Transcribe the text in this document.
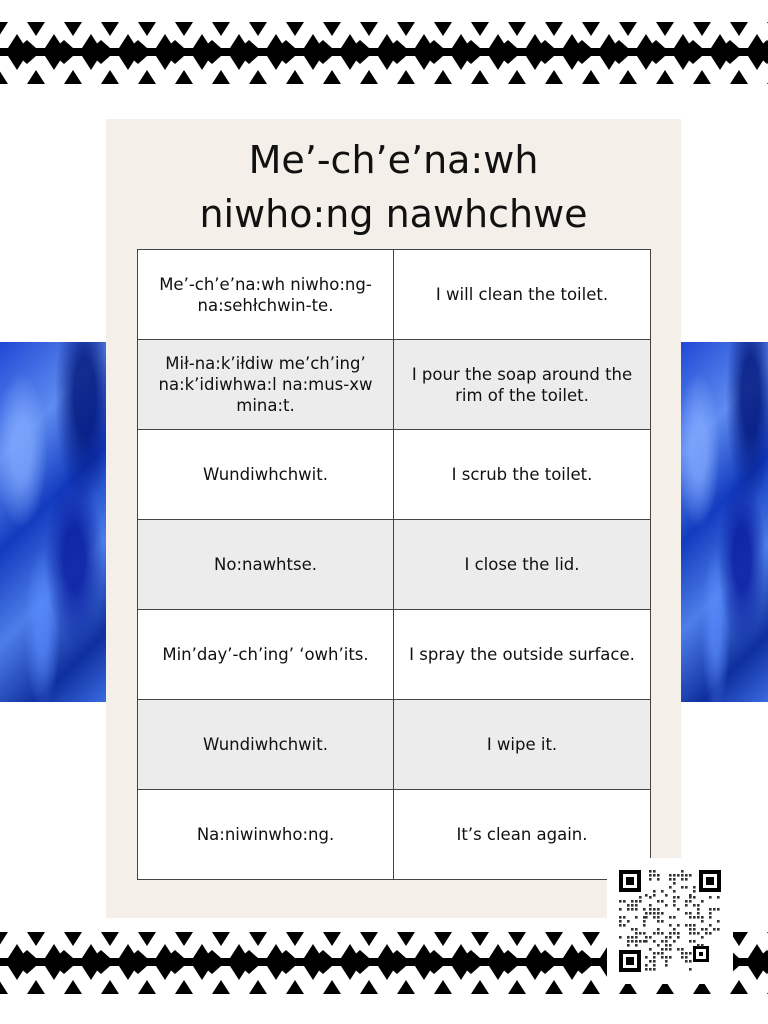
Me’-ch’e’na:wh
niwho:ng nawhchwe
Me’-ch’e’na:wh niwho:ng-na:sehłchwin-te.	I will clean the toilet.
Mił-na:k’iłdiw me’ch’ing’ na:k’idiwhwa:l na:mus-xw mina:t.	I pour the soap around the rim of the toilet.
Wundiwhchwit.	I scrub the toilet.
No:nawhtse.	I close the lid.
Min’day’-ch’ing’ ‘owh’its.	I spray the outside surface.
Wundiwhchwit.	I wipe it.
Na:niwinwho:ng.	It’s clean again.
